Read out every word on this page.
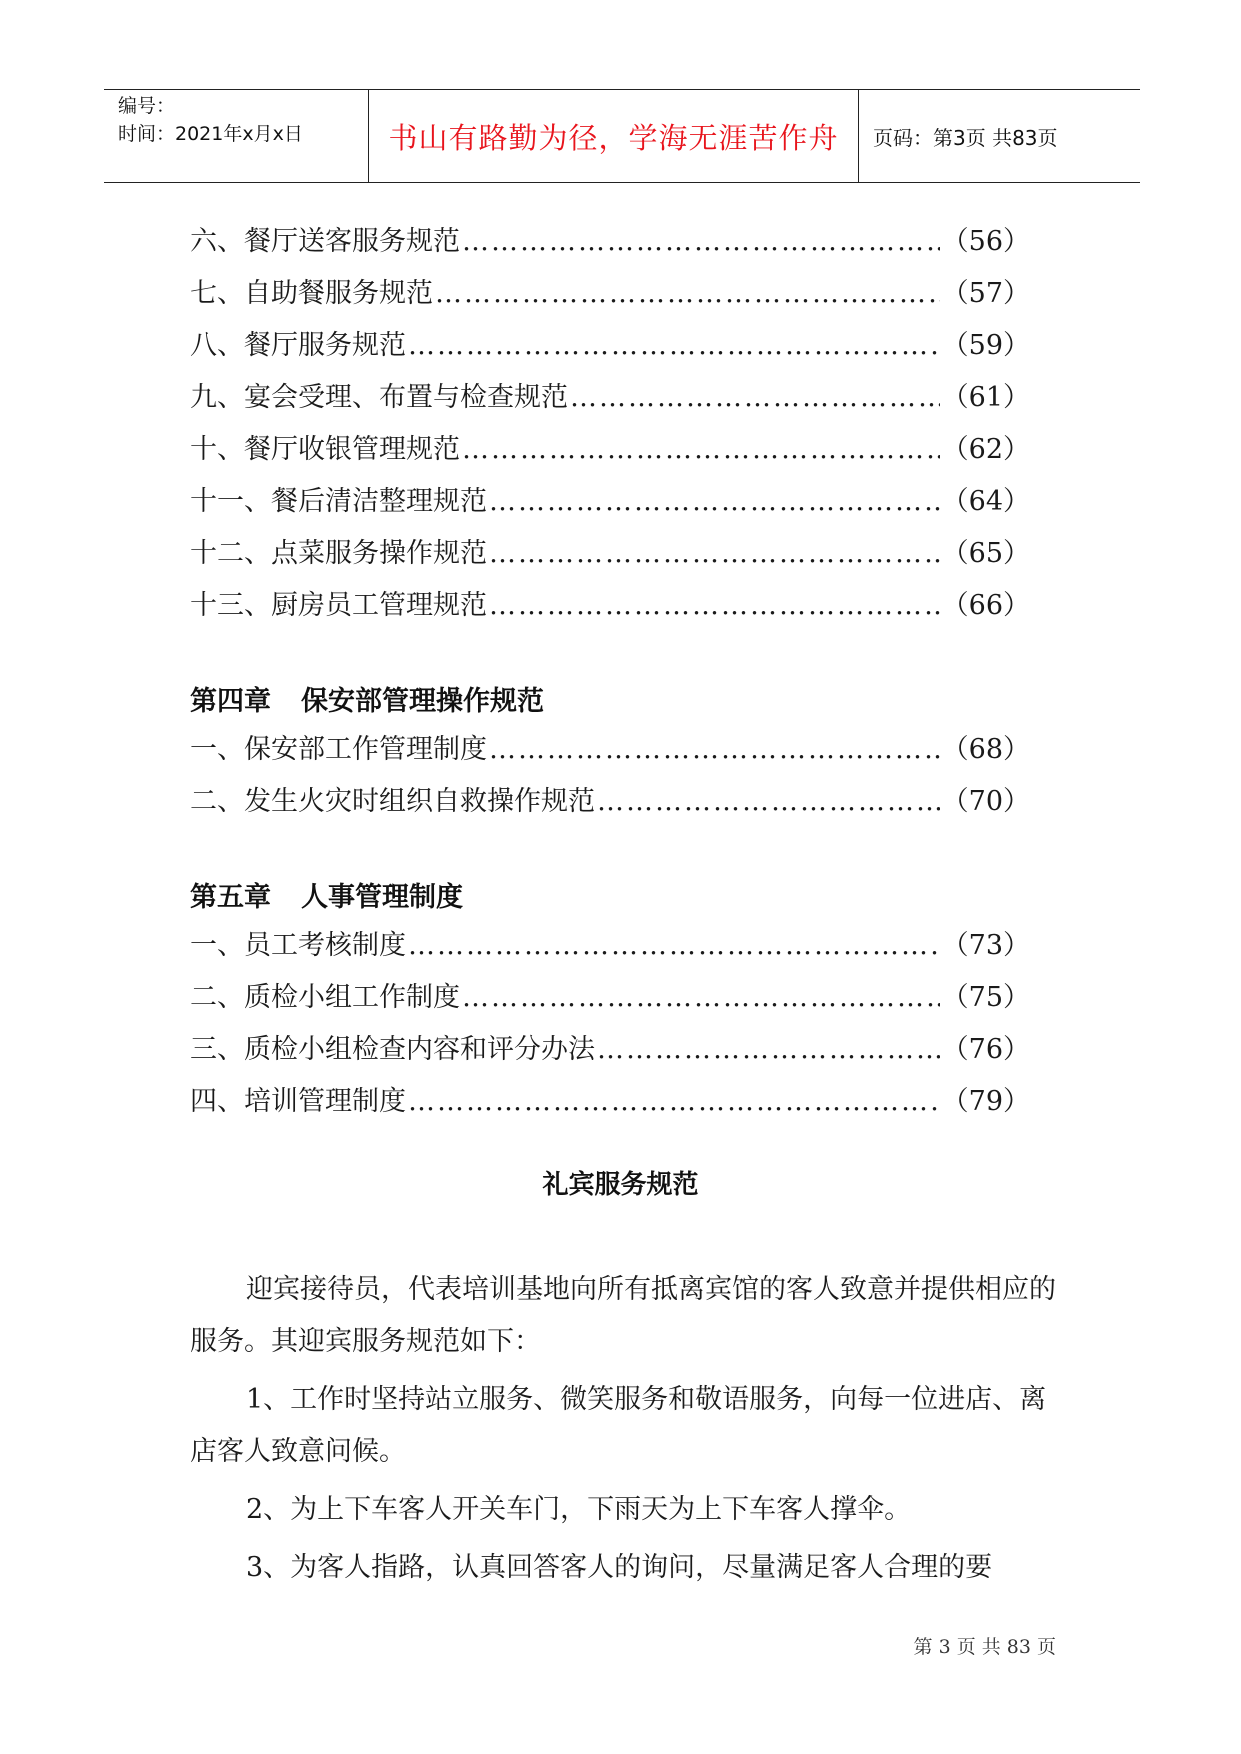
编号：
时间：2021年x月x日	书山有路勤为径，学海无涯苦作舟 页码：第3页 共83页
六、餐厅送客服务规范 …………………………………………………………………………………………………………………………………………………………	（56）
七、自助餐服务规范 …………………………………………………………………………………………………………………………………………………………	（57）
八、餐厅服务规范 …………………………………………………………………………………………………………………………………………………………	（59）
九、宴会受理、布置与检查规范 …………………………………………………………………………………………………………………………………………………………	（61）
十、餐厅收银管理规范 …………………………………………………………………………………………………………………………………………………………	（62）
十一、餐后清洁整理规范 …………………………………………………………………………………………………………………………………………………………	（64）
十二、点菜服务操作规范 …………………………………………………………………………………………………………………………………………………………	（65）
十三、厨房员工管理规范 …………………………………………………………………………………………………………………………………………………………	（66）
第四章 保安部管理操作规范
一、保安部工作管理制度 …………………………………………………………………………………………………………………………………………………………	（68）
二、发生火灾时组织自救操作规范 …………………………………………………………………………………………………………………………………………………………	（70）
第五章 人事管理制度
一、员工考核制度 …………………………………………………………………………………………………………………………………………………………	（73）
二、质检小组工作制度 …………………………………………………………………………………………………………………………………………………………	（75）
三、质检小组检查内容和评分办法 …………………………………………………………………………………………………………………………………………………………	（76）
四、培训管理制度 …………………………………………………………………………………………………………………………………………………………	（79）
礼宾服务规范

迎宾接待员，代表培训基地向所有抵离宾馆的客人致意并提供相应的服务。其迎宾服务规范如下：

1、工作时坚持站立服务、微笑服务和敬语服务，向每一位进店、离店客人致意问候。

2、为上下车客人开关车门，下雨天为上下车客人撑伞。

3、为客人指路，认真回答客人的询问，尽量满足客人合理的要

第 3 页 共 83 页
